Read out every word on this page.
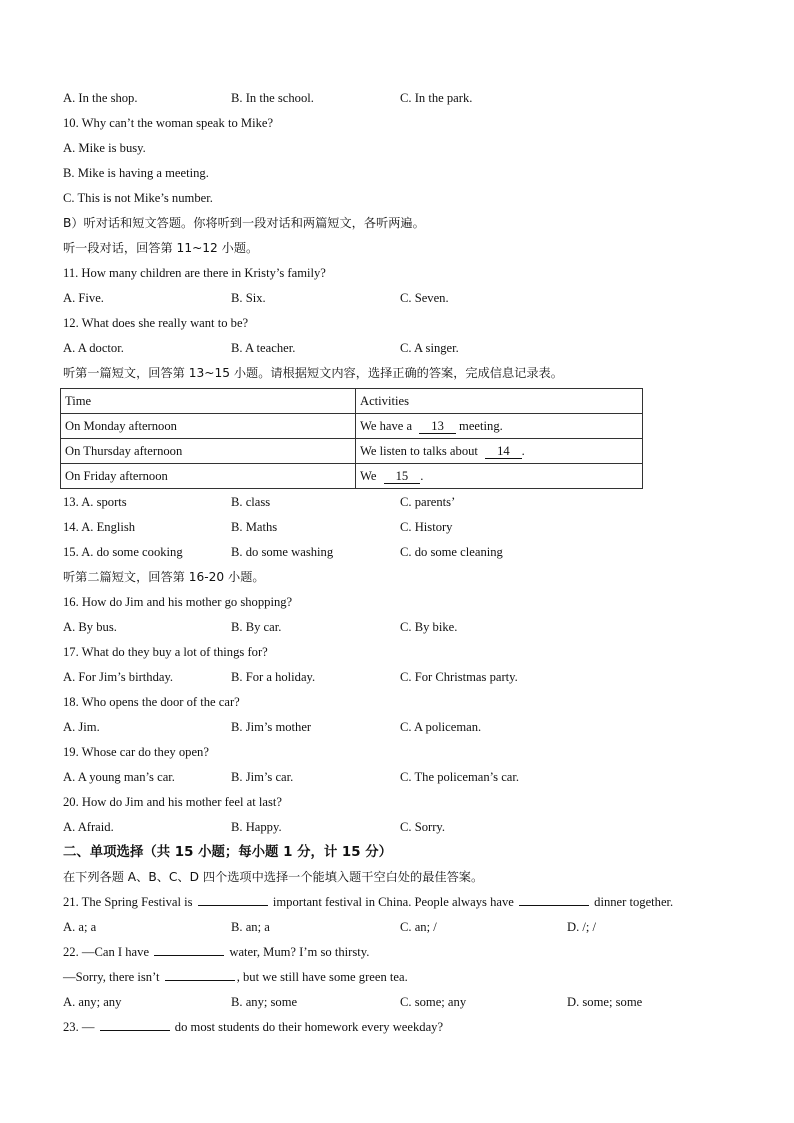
A. In the shop.	B. In the school.	C. In the park.
10. Why can’t the woman speak to Mike?
A. Mike is busy.
B. Mike is having a meeting.
C. This is not Mike’s number.
B）听对话和短文答题。你将听到一段对话和两篇短文，各听两遍。
听一段对话，回答第 11~12 小题。
11. How many children are there in Kristy’s family?
A. Five.	B. Six.	C. Seven.
12. What does she really want to be?
A. A doctor.	B. A teacher.	C. A singer.
听第一篇短文，回答第 13~15 小题。请根据短文内容，选择正确的答案，完成信息记录表。
Time	Activities
On Monday afternoon	We have a 13 meeting.
On Thursday afternoon	We listen to talks about 14 .
On Friday afternoon	We 15 .
13. A. sports	B. class	C. parents’
14. A. English	B. Maths	C. History
15. A. do some cooking	B. do some washing	C. do some cleaning
听第二篇短文，回答第 16-20 小题。
16. How do Jim and his mother go shopping?
A. By bus.	B. By car.	C. By bike.
17. What do they buy a lot of things for?
A. For Jim’s birthday.	B. For a holiday.	C. For Christmas party.
18. Who opens the door of the car?
A. Jim.	B. Jim’s mother	C. A policeman.
19. Whose car do they open?
A. A young man’s car.	B. Jim’s car.	C. The policeman’s car.
20. How do Jim and his mother feel at last?
A. Afraid.	B. Happy.	C. Sorry.
二、单项选择（共 15 小题；每小题 1 分，计 15 分）
在下列各题 A、B、C、D 四个选项中选择一个能填入题干空白处的最佳答案。
21. The Spring Festival is	important festival in China. People always have	dinner together.
A. a; a	B. an; a	C. an; /	D. /; /
22. —Can I have	water, Mum? I’m so thirsty.
—Sorry, there isn’t	, but we still have some green tea.
A. any; any	B. any; some	C. some; any	D. some; some
23. —	do most students do their homework every weekday?
